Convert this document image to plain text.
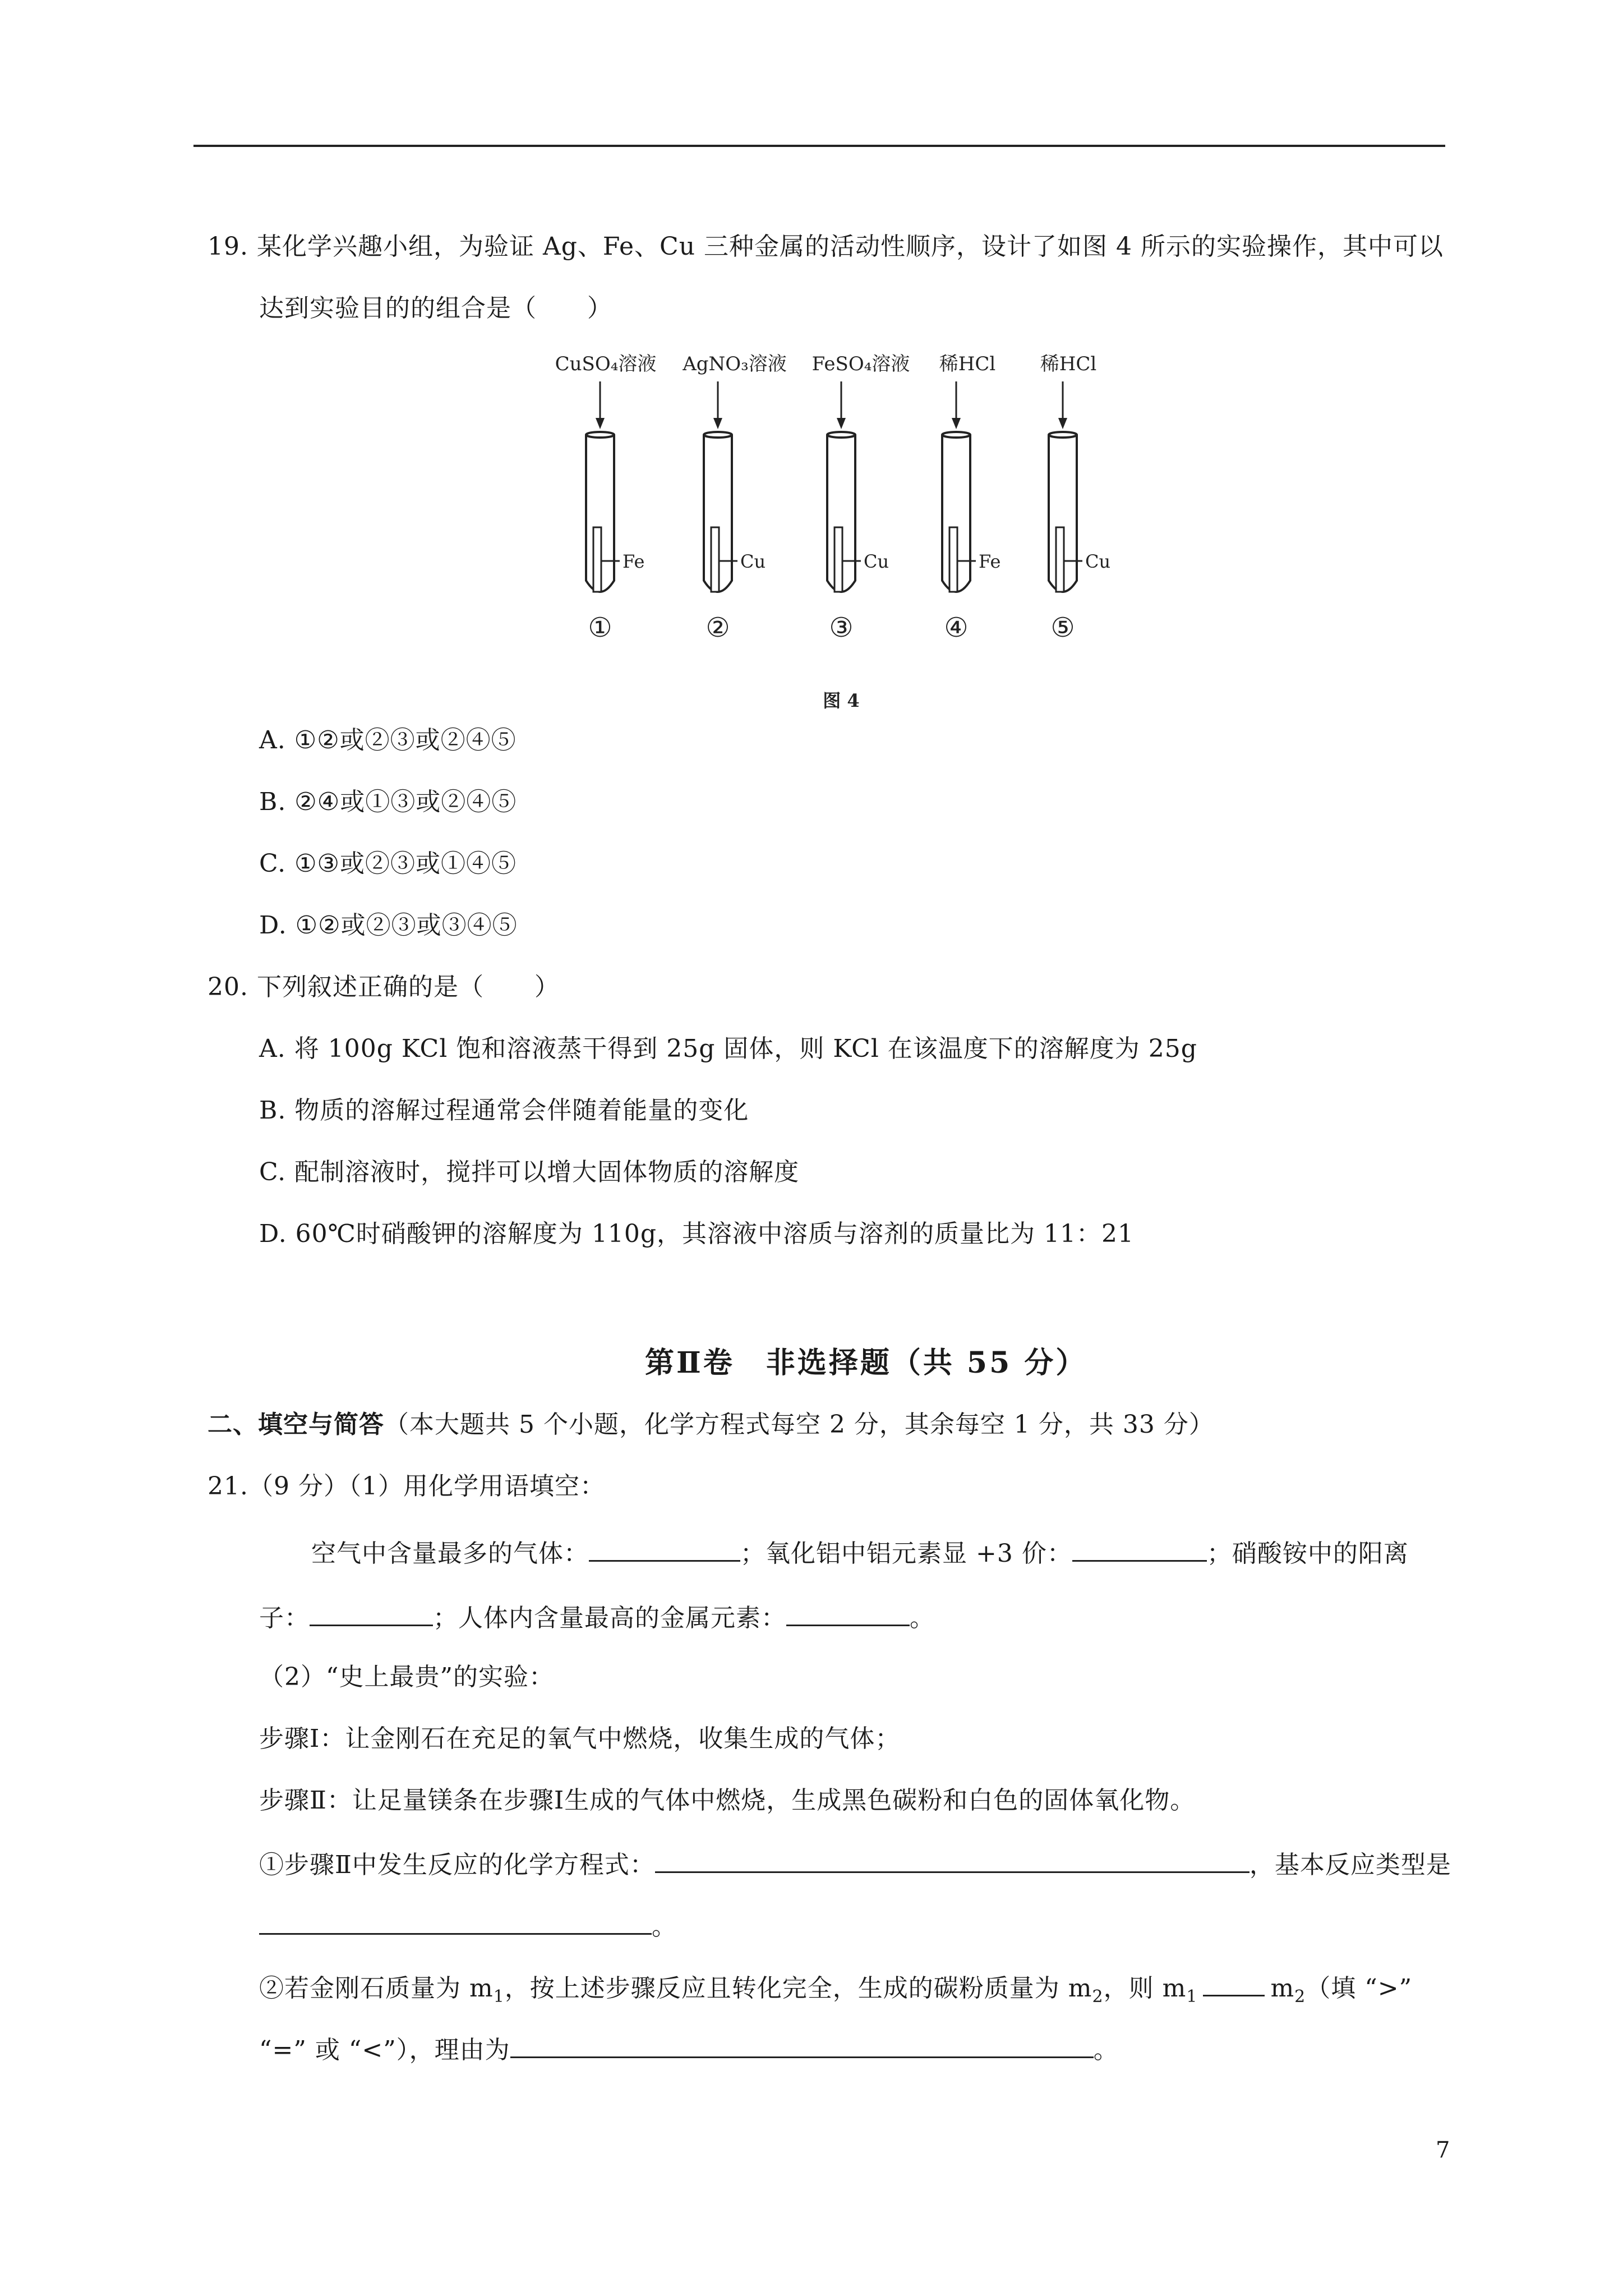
19. 某化学兴趣小组，为验证 Ag、Fe、Cu 三种金属的活动性顺序，设计了如图 4 所示的实验操作，其中可以
达到实验目的的组合是（　　）
CuSO₄溶液 AgNO₃溶液 FeSO₄溶液 稀HCl 稀HCl
Fe	Cu	Cu	Fe	Cu
①	②	③	④	⑤
图 4
A. ①②或②③或②④⑤
B. ②④或①③或②④⑤
C. ①③或②③或①④⑤
D. ①②或②③或③④⑤
20. 下列叙述正确的是（　　）
A. 将 100g KCl 饱和溶液蒸干得到 25g 固体，则 KCl 在该温度下的溶解度为 25g
B. 物质的溶解过程通常会伴随着能量的变化
C. 配制溶液时，搅拌可以增大固体物质的溶解度
D. 60℃时硝酸钾的溶解度为 110g，其溶液中溶质与溶剂的质量比为 11：21
第Ⅱ卷　非选择题（共 55 分）
二、填空与简答（本大题共 5 个小题，化学方程式每空 2 分，其余每空 1 分，共 33 分）
21.（9 分）（1）用化学用语填空：
空气中含量最多的气体：	；氧化铝中铝元素显 +3 价：	；硝酸铵中的阳离
子：	；人体内含量最高的金属元素：	。
（2）“史上最贵”的实验：
步骤Ⅰ：让金刚石在充足的氧气中燃烧，收集生成的气体；
步骤Ⅱ：让足量镁条在步骤Ⅰ生成的气体中燃烧，生成黑色碳粉和白色的固体氧化物。
①步骤Ⅱ中发生反应的化学方程式：	，基本反应类型是
。
②若金刚石质量为 $m_1$，按上述步骤反应且转化完全，生成的碳粉质量为 $m_2$，则 $m_1$	$m_2$（填 “>”
“=” 或 “<”），理由为	。
7
